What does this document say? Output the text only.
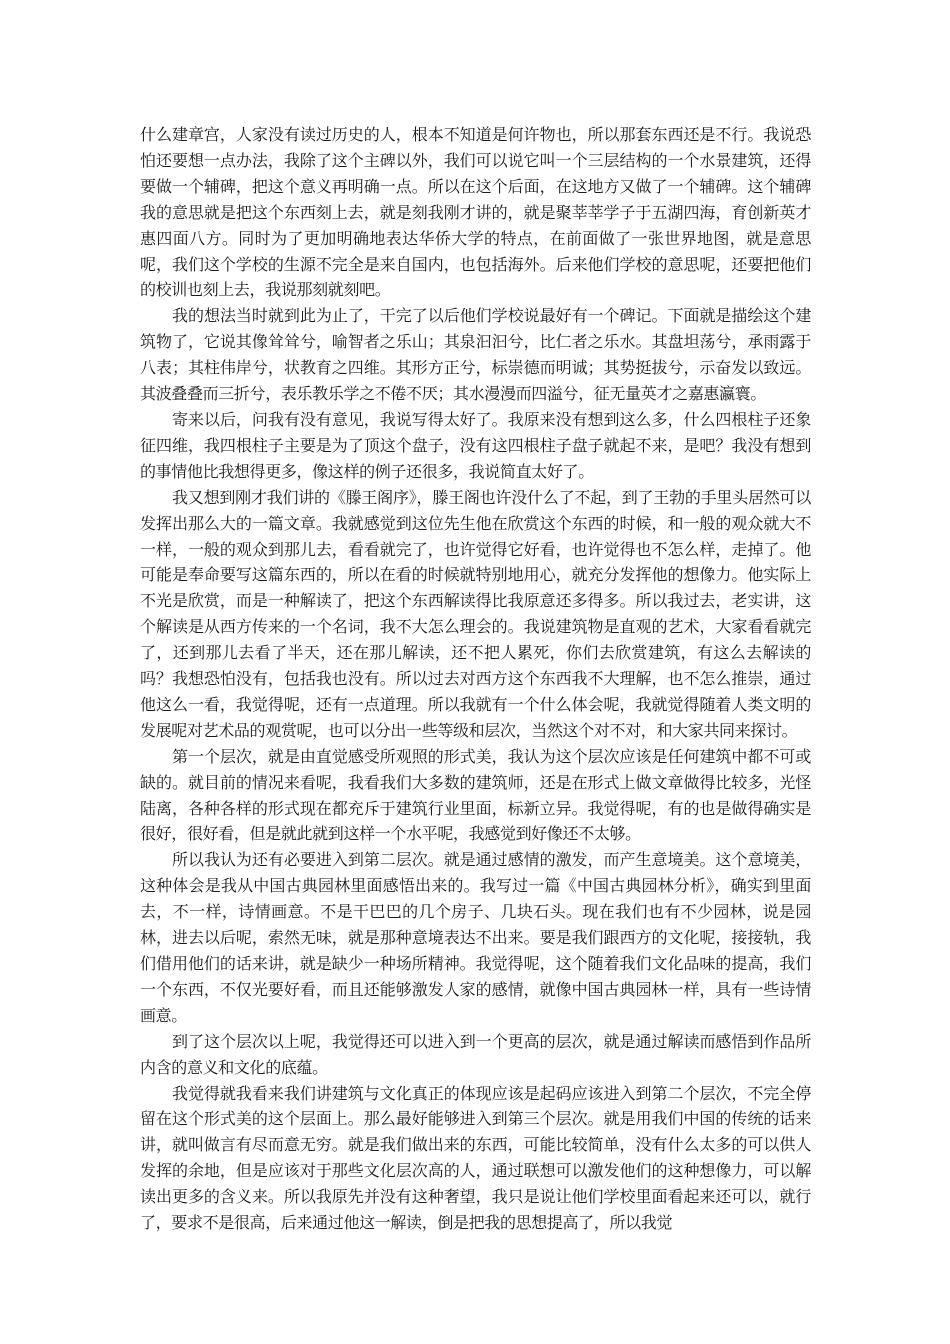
什么建章宫，人家没有读过历史的人，根本不知道是何许物也，所以那套东西还是不行。我说恐怕还要想一点办法，我除了这个主碑以外，我们可以说它叫一个三层结构的一个水景建筑，还得要做一个辅碑，把这个意义再明确一点。所以在这个后面，在这地方又做了一个辅碑。这个辅碑我的意思就是把这个东西刻上去，就是刻我刚才讲的，就是聚莘莘学子于五湖四海，育创新英才惠四面八方。同时为了更加明确地表达华侨大学的特点，在前面做了一张世界地图，就是意思呢，我们这个学校的生源不完全是来自国内，也包括海外。后来他们学校的意思呢，还要把他们的校训也刻上去，我说那刻就刻吧。

我的想法当时就到此为止了，干完了以后他们学校说最好有一个碑记。下面就是描绘这个建筑物了，它说其像耸耸兮，喻智者之乐山；其泉汩汩兮，比仁者之乐水。其盘坦荡兮，承雨露于八表；其柱伟岸兮，状教育之四维。其形方正兮，标崇德而明诚；其势挺拔兮，示奋发以致远。其波叠叠而三折兮，表乐教乐学之不倦不厌；其水漫漫而四溢兮，征无量英才之嘉惠瀛寰。

寄来以后，问我有没有意见，我说写得太好了。我原来没有想到这么多，什么四根柱子还象征四维，我四根柱子主要是为了顶这个盘子，没有这四根柱子盘子就起不来，是吧？我没有想到的事情他比我想得更多，像这样的例子还很多，我说简直太好了。

我又想到刚才我们讲的《滕王阁序》，滕王阁也许没什么了不起，到了王勃的手里头居然可以发挥出那么大的一篇文章。我就感觉到这位先生他在欣赏这个东西的时候，和一般的观众就大不一样，一般的观众到那儿去，看看就完了，也许觉得它好看，也许觉得也不怎么样，走掉了。他可能是奉命要写这篇东西的，所以在看的时候就特别地用心，就充分发挥他的想像力。他实际上不光是欣赏，而是一种解读了，把这个东西解读得比我原意还多得多。所以我过去，老实讲，这个解读是从西方传来的一个名词，我不大怎么理会的。我说建筑物是直观的艺术，大家看看就完了，还到那儿去看了半天，还在那儿解读，还不把人累死，你们去欣赏建筑，有这么去解读的吗？我想恐怕没有，包括我也没有。所以过去对西方这个东西我不大理解，也不怎么推崇，通过他这么一看，我觉得呢，还有一点道理。所以我就有一个什么体会呢，我就觉得随着人类文明的发展呢对艺术品的观赏呢，也可以分出一些等级和层次，当然这个对不对，和大家共同来探讨。

第一个层次，就是由直觉感受所观照的形式美，我认为这个层次应该是任何建筑中都不可或缺的。就目前的情况来看呢，我看我们大多数的建筑师，还是在形式上做文章做得比较多，光怪陆离，各种各样的形式现在都充斥于建筑行业里面，标新立异。我觉得呢，有的也是做得确实是很好，很好看，但是就此就到这样一个水平呢，我感觉到好像还不太够。

所以我认为还有必要进入到第二层次。就是通过感情的激发，而产生意境美。这个意境美，这种体会是我从中国古典园林里面感悟出来的。我写过一篇《中国古典园林分析》，确实到里面去，不一样，诗情画意。不是干巴巴的几个房子、几块石头。现在我们也有不少园林，说是园林，进去以后呢，索然无味，就是那种意境表达不出来。要是我们跟西方的文化呢，接接轨，我们借用他们的话来讲，就是缺少一种场所精神。我觉得呢，这个随着我们文化品味的提高，我们一个东西，不仅光要好看，而且还能够激发人家的感情，就像中国古典园林一样，具有一些诗情画意。

到了这个层次以上呢，我觉得还可以进入到一个更高的层次，就是通过解读而感悟到作品所内含的意义和文化的底蕴。

我觉得就我看来我们讲建筑与文化真正的体现应该是起码应该进入到第二个层次，不完全停留在这个形式美的这个层面上。那么最好能够进入到第三个层次。就是用我们中国的传统的话来讲，就叫做言有尽而意无穷。就是我们做出来的东西，可能比较简单，没有什么太多的可以供人发挥的余地，但是应该对于那些文化层次高的人，通过联想可以激发他们的这种想像力，可以解读出更多的含义来。所以我原先并没有这种奢望，我只是说让他们学校里面看起来还可以，就行了，要求不是很高，后来通过他这一解读，倒是把我的思想提高了，所以我觉
